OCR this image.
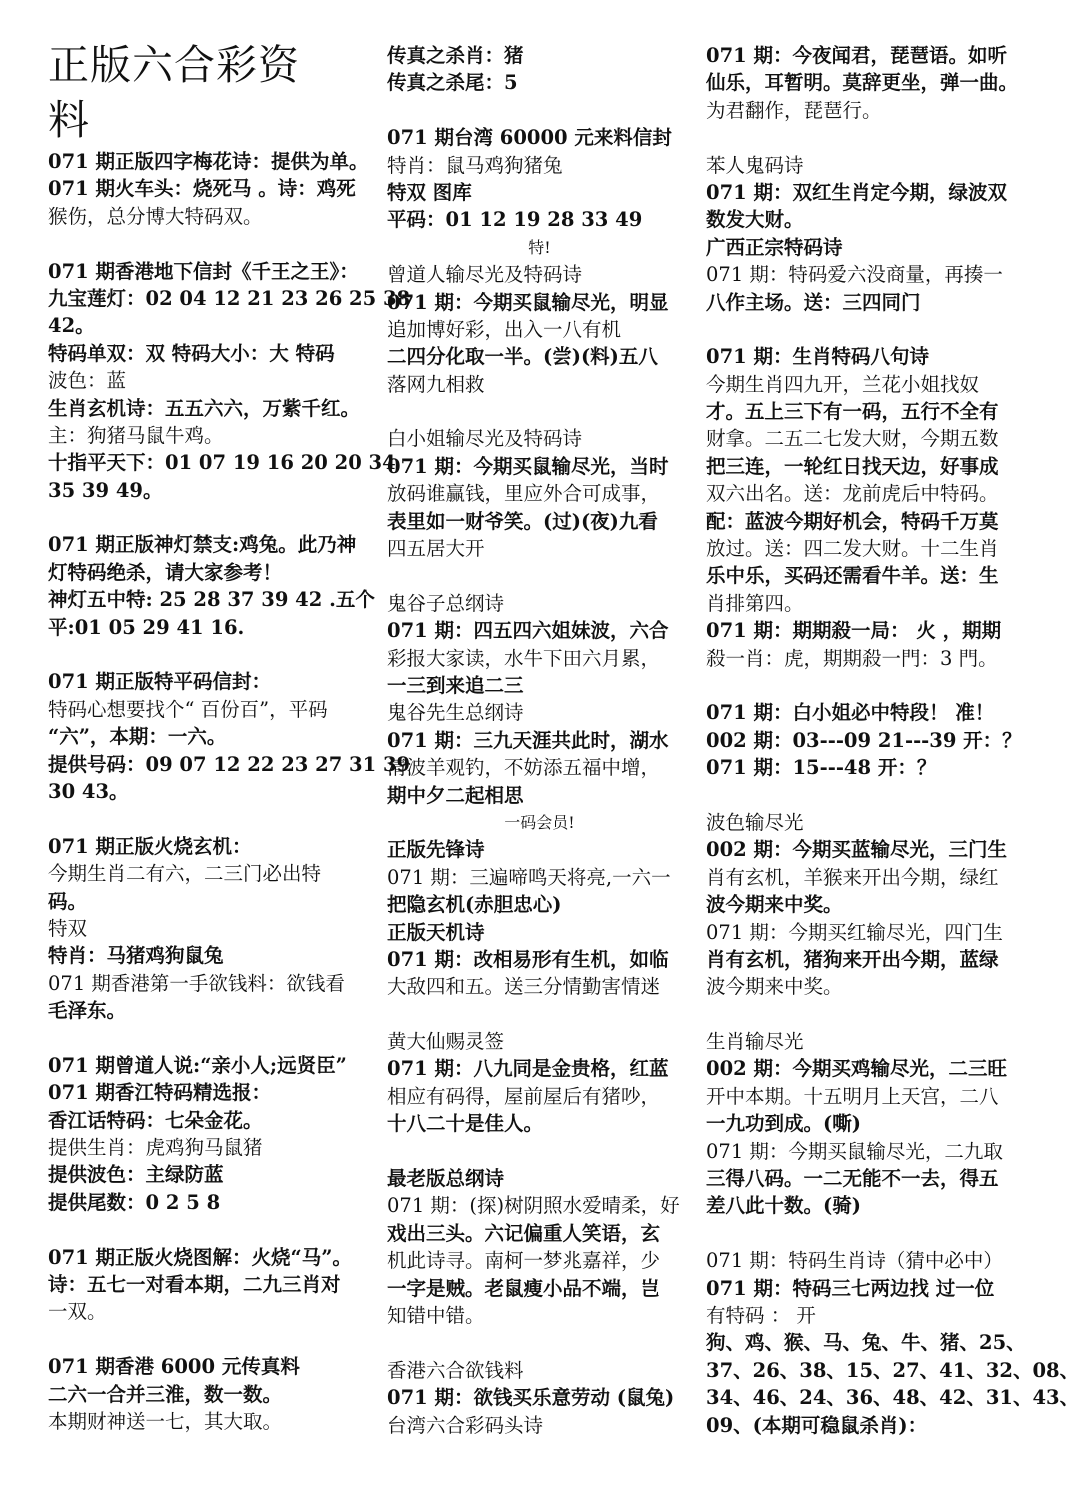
正版六合彩资
料
071 期正版四字梅花诗：提供为单。
071 期火车头：烧死马 。诗：鸡死
猴伤，总分博大特码双。
071 期香港地下信封《千王之王》：
九宝莲灯：02 04 12 21 23 26 25 38
42。
特码单双：双 特码大小：大 特码
波色：蓝
生肖玄机诗：五五六六，万紫千红。
主：狗猪马鼠牛鸡。
十指平天下：01 07 19 16 20 20 34
35 39 49。
071 期正版神灯禁支:鸡兔。此乃神
灯特码绝杀，请大家参考！
神灯五中特: 25 28 37 39 42 .五个
平:01 05 29 41 16.
071 期正版特平码信封：
特码心想要找个“ 百份百”，平码
“六”，本期：一六。
提供号码：09 07 12 22 23 27 31 39
30 43。
071 期正版火烧玄机：
今期生肖二有六，二三门必出特
码。
特双
特肖：马猪鸡狗鼠兔
071 期香港第一手欲钱料：欲钱看
毛泽东。
071 期曾道人说:“亲小人;远贤臣”
071 期香江特码精选报：
香江话特码：七朵金花。
提供生肖：虎鸡狗马鼠猪
提供波色：主绿防蓝
提供尾数：0 2 5 8
071 期正版火烧图解：火烧“马”。
诗：五七一对看本期，二九三肖对
一双。
071 期香港 6000 元传真料
二六一合并三淮，数一数。
本期财神送一七，其大取。
传真之杀肖：猪
传真之杀尾：5
071 期台湾 60000 元来料信封
特肖：鼠马鸡狗猪兔
特双 图库
平码：01 12 19 28 33 49
特!
曾道人输尽光及特码诗
071 期：今期买鼠输尽光，明显
追加博好彩，出入一八有机
二四分化取一半。(尝)(料)五八
落网九相救
白小姐输尽光及特码诗
071 期：今期买鼠输尽光，当时
放码谁赢钱，里应外合可成事，
表里如一财爷笑。(过)(夜)九看
四五居大开
鬼谷子总纲诗
071 期：四五四六姐妹波，六合
彩报大家读，水牛下田六月累，
一三到来追二三
鬼谷先生总纲诗
071 期：三九天涯共此时，湖水
清波羊观钓，不妨添五福中增，
期中夕二起相思
一码会员!
正版先锋诗
071 期：三遍啼鸣天将亮,一六一
把隐玄机(赤胆忠心)
正版天机诗
071 期：改相易形有生机，如临
大敌四和五。送三分情勤害情迷
黄大仙赐灵签
071 期：八九同是金贵格，红蓝
相应有码得，屋前屋后有猪吵，
十八二十是佳人。
最老版总纲诗
071 期：(探)树阴照水爱晴柔，好
戏出三头。六记偏重人笑语，玄
机此诗寻。南柯一梦兆嘉祥，少
一字是贼。老鼠瘦小品不端，岂
知错中错。
香港六合欲钱料
071 期：欲钱买乐意劳动 (鼠兔)
台湾六合彩码头诗
071 期：今夜闻君，琵琶语。如听
仙乐，耳暂明。莫辞更坐，弹一曲。
为君翻作，琵琶行。
苯人鬼码诗
071 期：双红生肖定今期，绿波双
数发大财。
广西正宗特码诗
071 期：特码爱六没商量，再揍一
八作主场。送：三四同门
071 期：生肖特码八句诗
今期生肖四九开，兰花小姐找奴
才。五上三下有一码，五行不全有
财拿。二五二七发大财，今期五数
把三连，一轮红日找天边，好事成
双六出名。送：龙前虎后中特码。
配：蓝波今期好机会，特码千万莫
放过。送：四二发大财。十二生肖
乐中乐，买码还需看牛羊。送：生
肖排第四。
071 期：期期殺一局： 火 ，期期
殺一肖：虎，期期殺一門：3 門。
071 期：白小姐必中特段！ 准！
002 期：03---09 21---39 开：？
071 期：15---48 开：？
波色输尽光
002 期：今期买蓝输尽光，三门生
肖有玄机，羊猴来开出今期，绿红
波今期来中奖。
071 期：今期买红输尽光，四门生
肖有玄机，猪狗来开出今期，蓝绿
波今期来中奖。
生肖输尽光
002 期：今期买鸡输尽光，二三旺
开中本期。十五明月上天宫，二八
一九功到成。(嘶)
071 期：今期买鼠输尽光，二九取
三得八码。一二无能不一去，得五
差八此十数。(骑)
071 期：特码生肖诗（猜中必中）
071 期：特码三七两边找 过一位
有特码 ： 开
狗、鸡、猴、马、兔、牛、猪、25、
37、26、38、15、27、41、32、08、
34、46、24、36、48、42、31、43、
09、(本期可稳鼠杀肖)：
